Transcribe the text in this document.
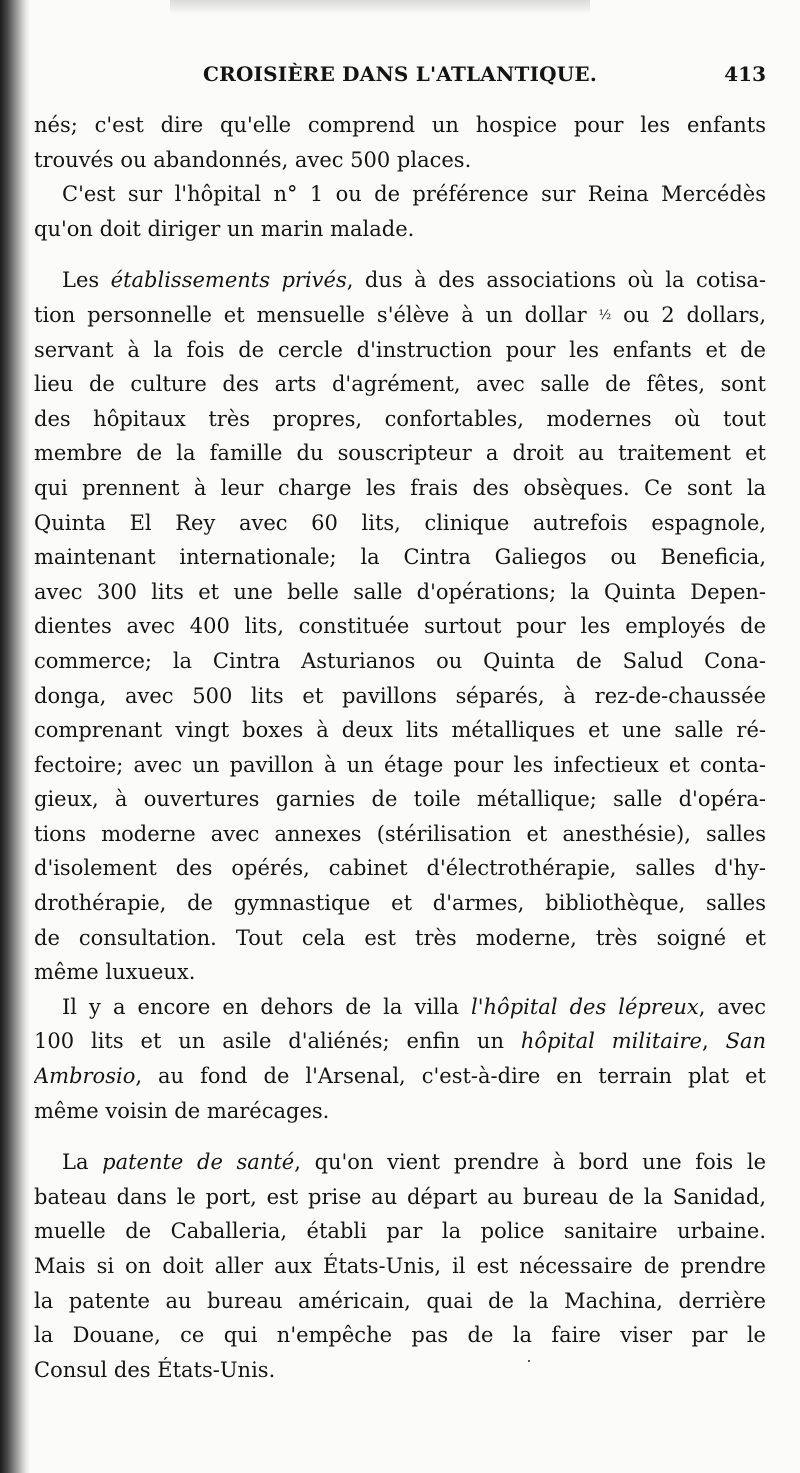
CROISIÈRE DANS L'ATLANTIQUE.	413
nés; c'est dire qu'elle comprend un hospice pour les enfants
trouvés ou abandonnés, avec 500 places.
C'est sur l'hôpital n° 1 ou de préférence sur Reina Mercédès
qu'on doit diriger un marin malade.
Les établissements privés, dus à des associations où la cotisa-
tion personnelle et mensuelle s'élève à un dollar ½ ou 2 dollars,
servant à la fois de cercle d'instruction pour les enfants et de
lieu de culture des arts d'agrément, avec salle de fêtes, sont
des hôpitaux très propres, confortables, modernes où tout
membre de la famille du souscripteur a droit au traitement et
qui prennent à leur charge les frais des obsèques. Ce sont la
Quinta El Rey avec 60 lits, clinique autrefois espagnole,
maintenant internationale; la Cintra Galiegos ou Beneficia,
avec 300 lits et une belle salle d'opérations; la Quinta Depen-
dientes avec 400 lits, constituée surtout pour les employés de
commerce; la Cintra Asturianos ou Quinta de Salud Cona-
donga, avec 500 lits et pavillons séparés, à rez-de-chaussée
comprenant vingt boxes à deux lits métalliques et une salle ré-
fectoire; avec un pavillon à un étage pour les infectieux et conta-
gieux, à ouvertures garnies de toile métallique; salle d'opéra-
tions moderne avec annexes (stérilisation et anesthésie), salles
d'isolement des opérés, cabinet d'électrothérapie, salles d'hy-
drothérapie, de gymnastique et d'armes, bibliothèque, salles
de consultation. Tout cela est très moderne, très soigné et
même luxueux.
Il y a encore en dehors de la villa l'hôpital des lépreux, avec
100 lits et un asile d'aliénés; enfin un hôpital militaire, San
Ambrosio, au fond de l'Arsenal, c'est-à-dire en terrain plat et
même voisin de marécages.
La patente de santé, qu'on vient prendre à bord une fois le
bateau dans le port, est prise au départ au bureau de la Sanidad,
muelle de Caballeria, établi par la police sanitaire urbaine.
Mais si on doit aller aux États-Unis, il est nécessaire de prendre
la patente au bureau américain, quai de la Machina, derrière
la Douane, ce qui n'empêche pas de la faire viser par le
Consul des États-Unis.
